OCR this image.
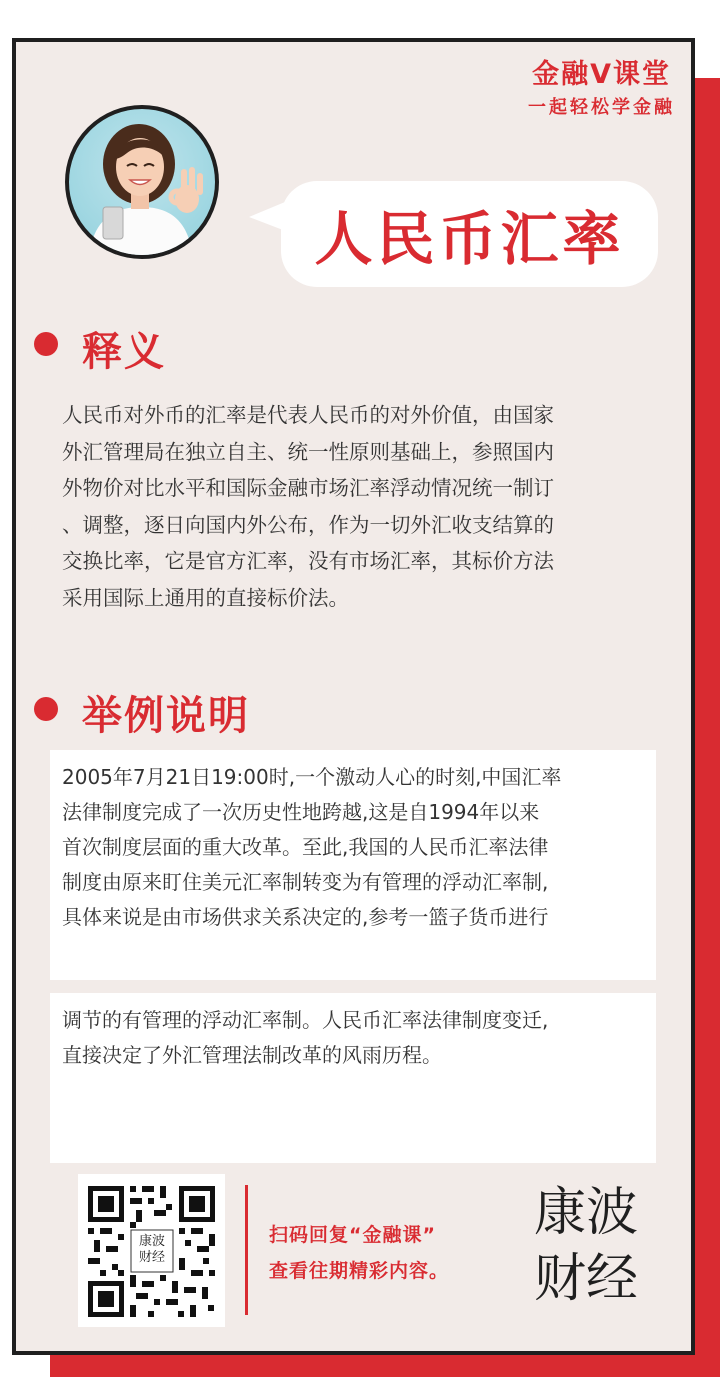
金融V课堂
一起轻松学金融
人民币汇率
释义
人民币对外币的汇率是代表人民币的对外价值，由国家
外汇管理局在独立自主、统一性原则基础上，参照国内
外物价对比水平和国际金融市场汇率浮动情况统一制订
、调整，逐日向国内外公布，作为一切外汇收支结算的
交换比率，它是官方汇率，没有市场汇率，其标价方法
采用国际上通用的直接标价法。
举例说明
2005年7月21日19:00时,一个激动人心的时刻,中国汇率
法律制度完成了一次历史性地跨越,这是自1994年以来
首次制度层面的重大改革。至此,我国的人民币汇率法律
制度由原来盯住美元汇率制转变为有管理的浮动汇率制,
具体来说是由市场供求关系决定的,参考一篮子货币进行
调节的有管理的浮动汇率制。人民币汇率法律制度变迁,
直接决定了外汇管理法制改革的风雨历程。
康波
财经
扫码回复“金融课”
查看往期精彩内容。
康波
财经
